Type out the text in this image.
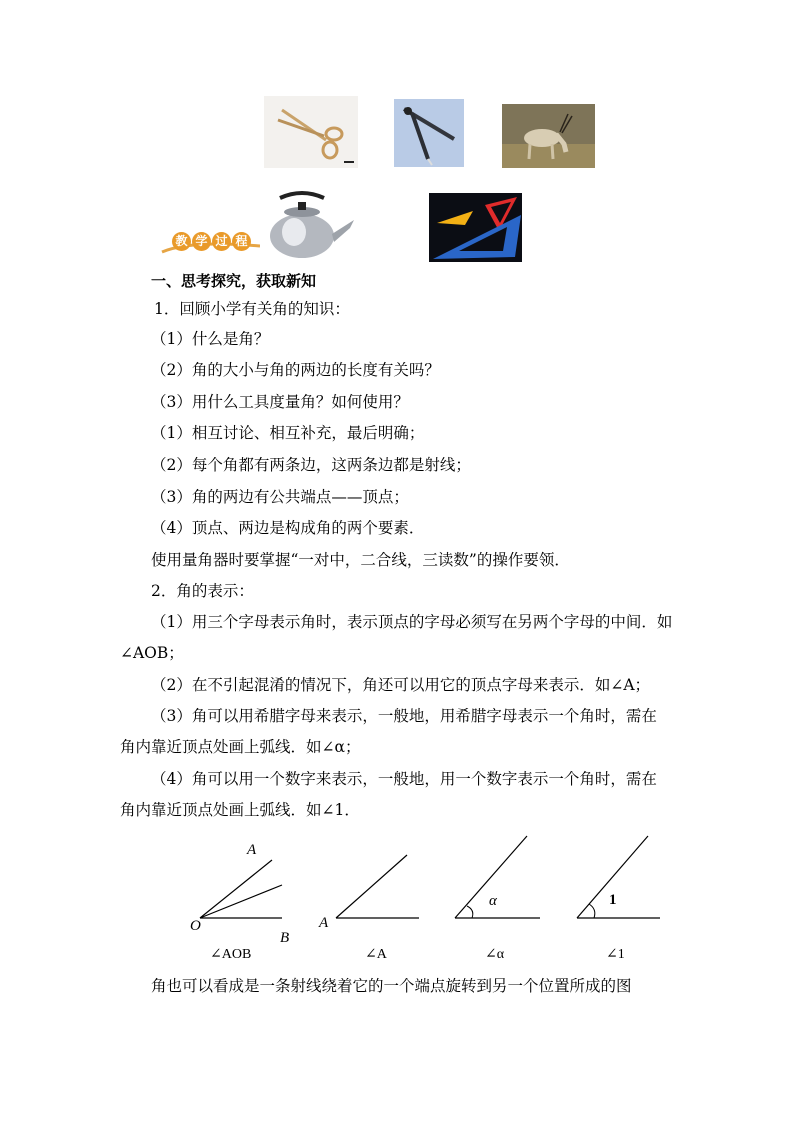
教 学 过 程
一、思考探究，获取新知
1．回顾小学有关角的知识：
（1）什么是角？
（2）角的大小与角的两边的长度有关吗？
（3）用什么工具度量角？如何使用？
（1）相互讨论、相互补充，最后明确；
（2）每个角都有两条边，这两条边都是射线；
（3）角的两边有公共端点——顶点；
（4）顶点、两边是构成角的两个要素．
使用量角器时要掌握“一对中，二合线，三读数”的操作要领．
2．角的表示：
（1）用三个字母表示角时，表示顶点的字母必须写在另两个字母的中间．如
∠AOB；
（2）在不引起混淆的情况下，角还可以用它的顶点字母来表示．如∠A；
（3）角可以用希腊字母来表示，一般地，用希腊字母表示一个角时，需在
角内靠近顶点处画上弧线．如∠α；
（4）角可以用一个数字来表示，一般地，用一个数字表示一个角时，需在
角内靠近顶点处画上弧线．如∠1．
A
O
B
A
α	1
∠AOB	∠A	∠α	∠1
角也可以看成是一条射线绕着它的一个端点旋转到另一个位置所成的图
